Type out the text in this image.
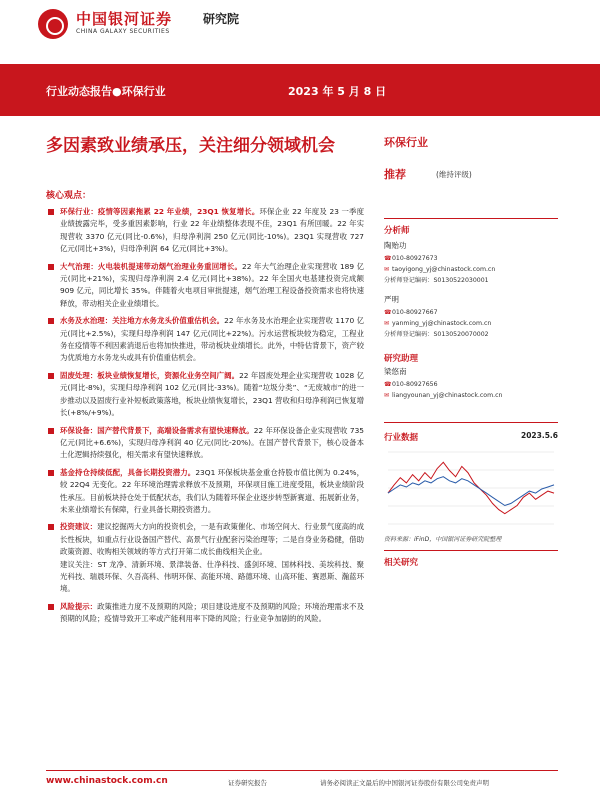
中国银河证券
CHINA GALAXY SECURITIES
研究院
行业动态报告●环保行业	2023 年 5 月 8 日
多因素致业绩承压，关注细分领域机会
核心观点：
环保行业：疫情等因素拖累 22 年业绩，23Q1 恢复增长。环保企业 22 年度及 23 一季度业绩披露完毕，受多重因素影响，行业 22 年业绩整体表现不佳，23Q1 有所回暖。22 年实现营收 3370 亿元(同比-0.6%)，归母净利润 250 亿元(同比-10%)。23Q1 实现营收 727 亿元(同比+3%)，归母净利润 64 亿元(同比+3%)。
大气治理：火电装机提速带动烟气治理业务重回增长。22 年大气治理企业实现营收 189 亿元(同比+21%)，实现归母净利润 2.4 亿元(同比+38%)。22 年全国火电基建投资完成额 909 亿元，同比增长 35%。伴随着火电项目审批提速，烟气治理工程设备投资需求也将快速释放，带动相关企业业绩增长。
水务及水治理：关注地方水务龙头价值重估机会。22 年水务及水治理企业实现营收 1170 亿元(同比+2.5%)，实现归母净利润 147 亿元(同比+22%)。污水运营板块较为稳定，工程业务在疫情等不利因素消退后也将加快推进，带动板块业绩增长。此外，中特估背景下，资产较为优质地方水务龙头或具有价值重估机会。
固废处理：板块业绩恢复增长，资源化业务空间广阔。22 年固废处理企业实现营收 1028 亿元(同比-8%)，实现归母净利润 102 亿元(同比-33%)。随着“垃圾分类”、“无废城市”的进一步推动以及固废行业补短板政策落地，板块业绩恢复增长，23Q1 营收和归母净利润已恢复增长(+8%/+9%)。
环保设备：国产替代背景下，高端设备需求有望快速释放。22 年环保设备企业实现营收 735 亿元(同比+6.6%)，实现归母净利润 40 亿元(同比-20%)。在国产替代背景下，核心设备本土化逻辑持续强化，相关需求有望快速释放。
基金持仓持续低配，具备长期投资潜力。23Q1 环保板块基金重仓持股市值比例为 0.24%，较 22Q4 无变化。22 年环境治理需求释放不及预期，环保项目施工进度受阻，板块业绩阶段性承压。目前板块持仓处于低配状态，我们认为随着环保企业逐步转型新赛道、拓展新业务，未来业绩增长有保障，行业具备长期投资潜力。
投资建议：建议挖掘两大方向的投资机会，一是有政策催化、市场空间大、行业景气度高的成长性板块，如重点行业设备国产替代、高景气行业配套污染治理等；二是自身业务稳健，借助政策资源、收购相关领域的等方式打开第二成长曲线相关企业。
建议关注：ST 龙净、清新环境、景津装备、仕净科技、盛剑环境、国林科技、美埃科技、聚光科技、瑞晨环保、久吾高科、伟明环保、高能环境、路德环境、山高环能、赛恩斯、瀚蓝环境。
风险提示：政策推进力度不及预期的风险；项目建设进度不及预期的风险；环境治理需求不及预期的风险；疫情导致开工率或产能利用率下降的风险；行业竞争加剧的的风险。
环保行业
推荐	(维持评级)
分析师
陶贻功
☎010-80927673
✉ taoyigong_yj@chinastock.com.cn
分析师登记编码：S0130522030001
严明
☎010-80927667
✉ yanming_yj@chinastock.com.cn
分析师登记编码：S0130520070002
研究助理
梁悠南
☎010-80927656
✉ liangyounan_yj@chinastock.com.cn
行业数据	2023.5.6
资料来源：iFinD，中国银河证券研究院整理
相关研究
www.chinastock.com.cn	证券研究报告	请务必阅读正文最后的中国银河证券股份有限公司免责声明
